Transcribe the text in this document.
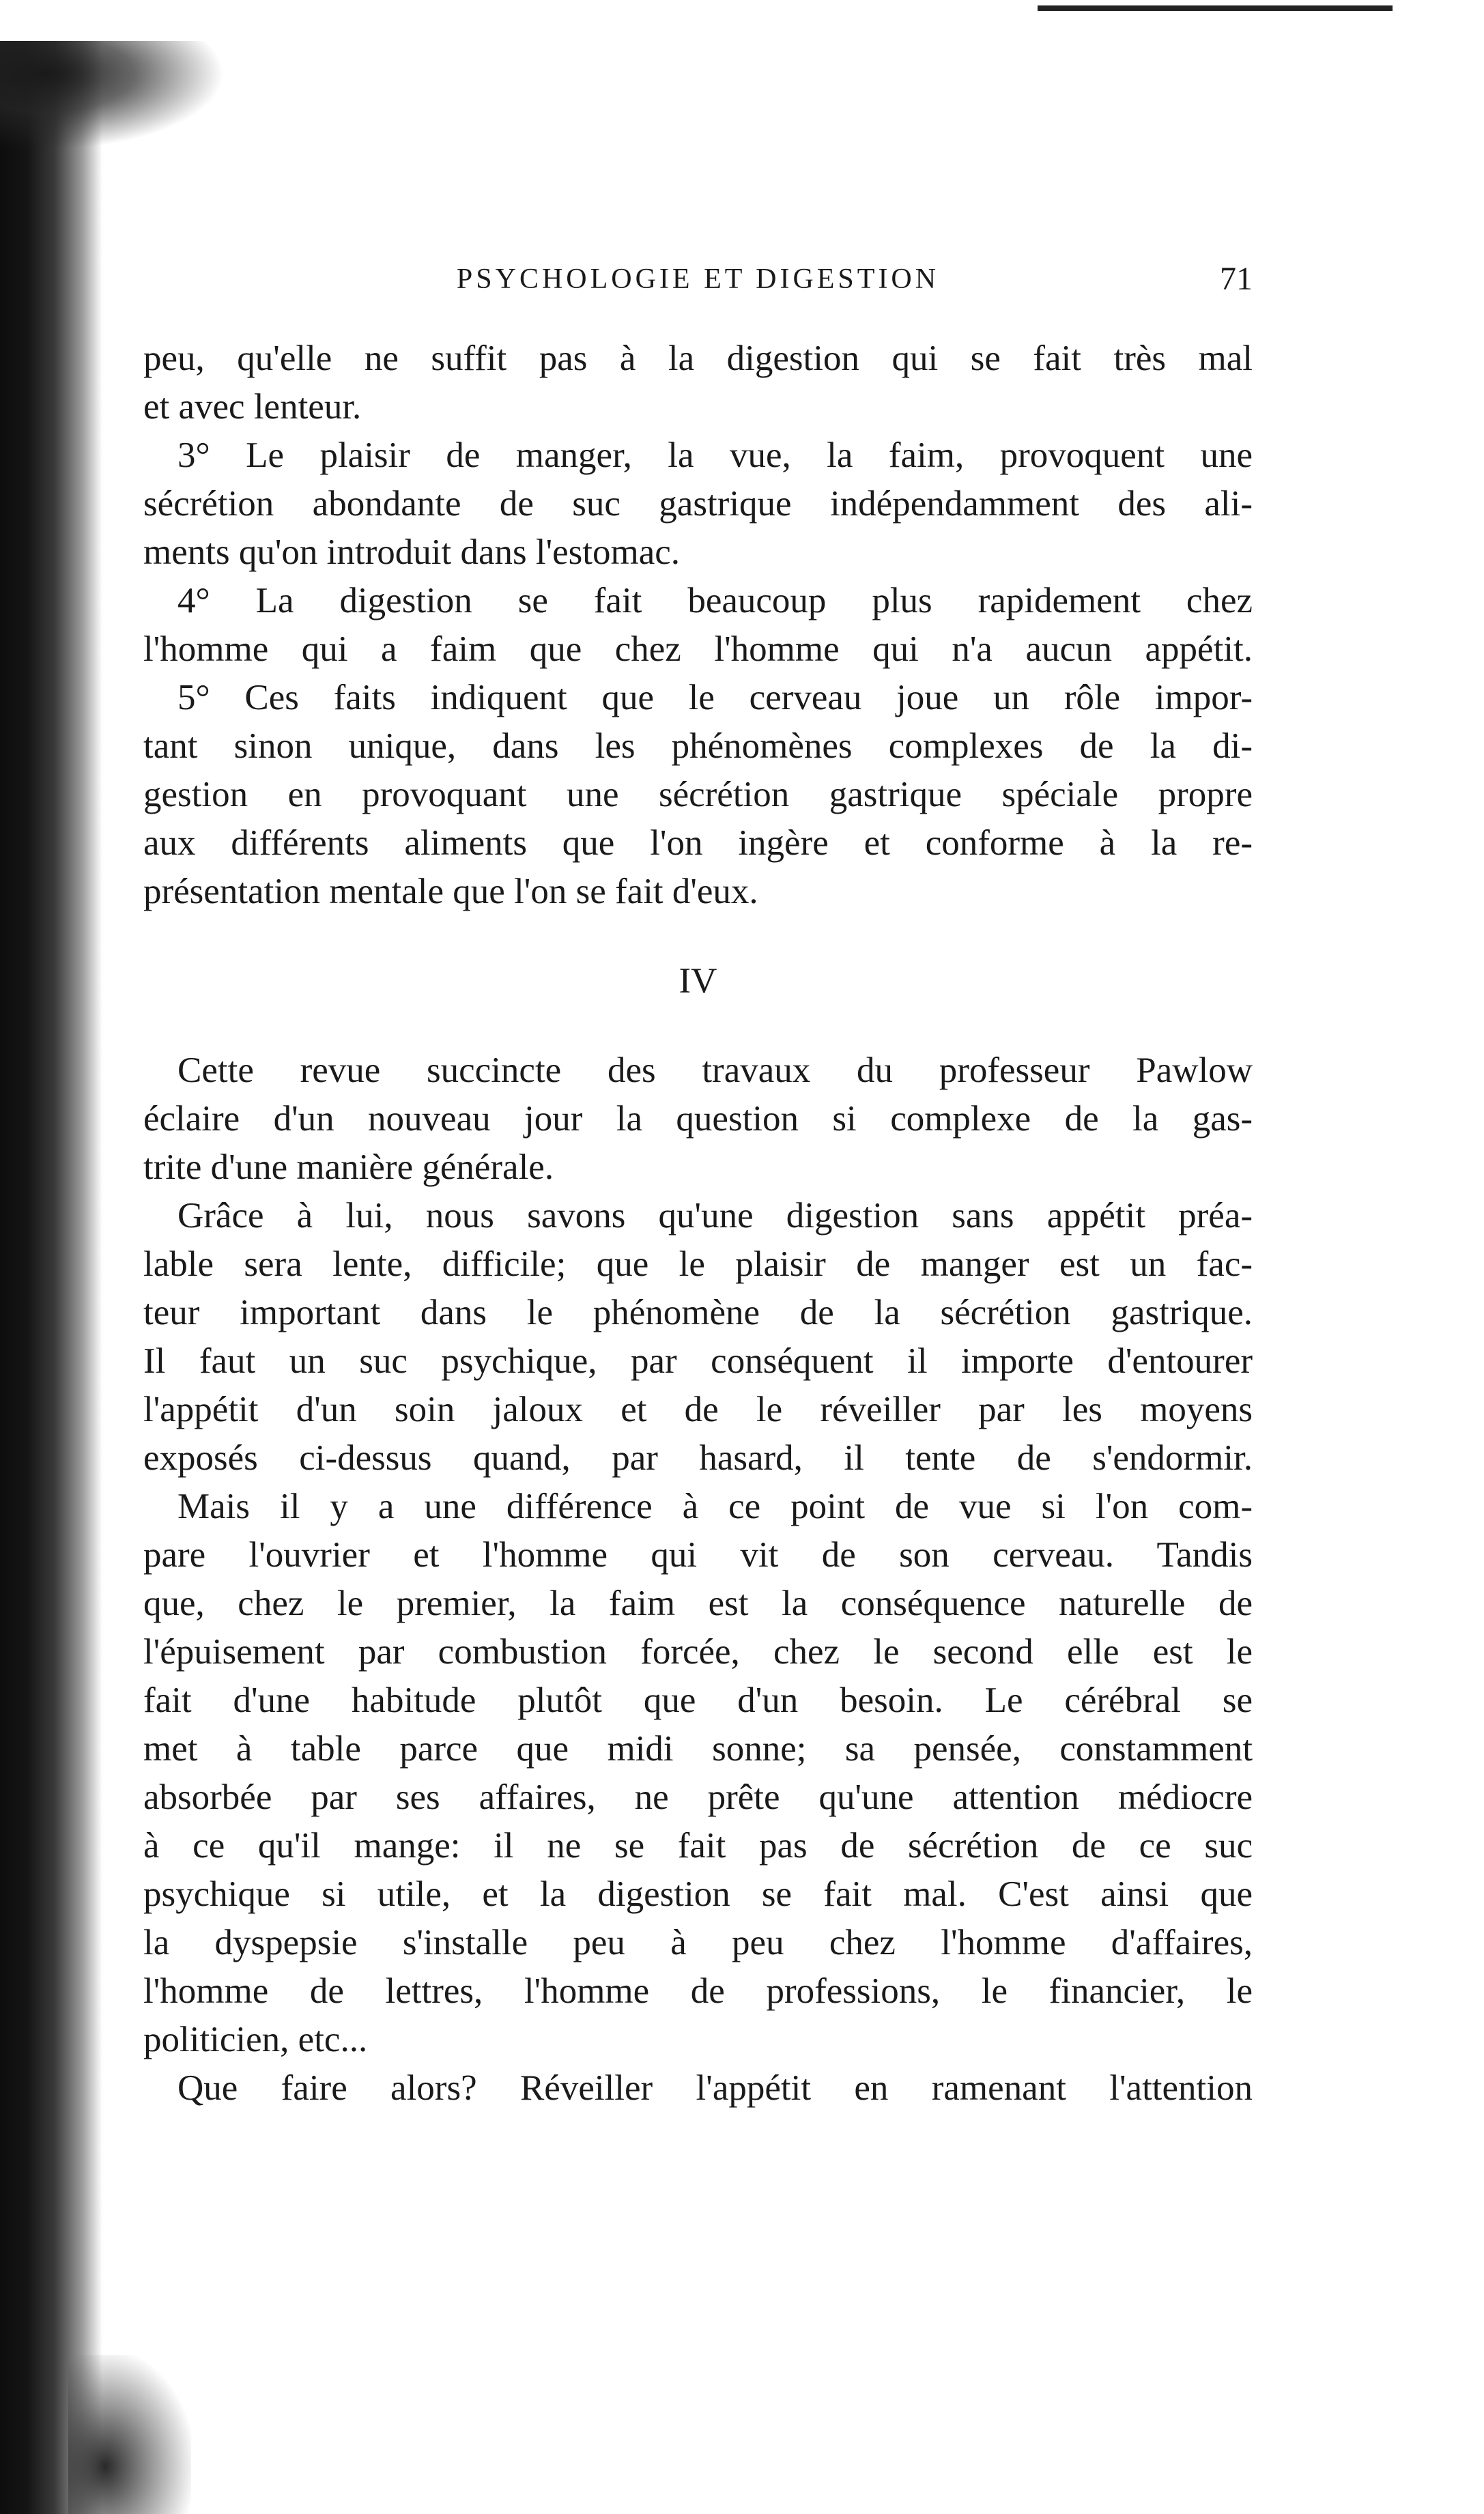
PSYCHOLOGIE ET DIGESTION	71
peu, qu'elle ne suffit pas à la digestion qui se fait très mal
et avec lenteur.
3° Le plaisir de manger, la vue, la faim, provoquent une
sécrétion abondante de suc gastrique indépendamment des ali-
ments qu'on introduit dans l'estomac.
4° La digestion se fait beaucoup plus rapidement chez
l'homme qui a faim que chez l'homme qui n'a aucun appétit.
5° Ces faits indiquent que le cerveau joue un rôle impor-
tant sinon unique, dans les phénomènes complexes de la di-
gestion en provoquant une sécrétion gastrique spéciale propre
aux différents aliments que l'on ingère et conforme à la re-
présentation mentale que l'on se fait d'eux.
IV
Cette revue succincte des travaux du professeur Pawlow
éclaire d'un nouveau jour la question si complexe de la gas-
trite d'une manière générale.
Grâce à lui, nous savons qu'une digestion sans appétit préa-
lable sera lente, difficile; que le plaisir de manger est un fac-
teur important dans le phénomène de la sécrétion gastrique.
Il faut un suc psychique, par conséquent il importe d'entourer
l'appétit d'un soin jaloux et de le réveiller par les moyens
exposés ci-dessus quand, par hasard, il tente de s'endormir.
Mais il y a une différence à ce point de vue si l'on com-
pare l'ouvrier et l'homme qui vit de son cerveau. Tandis
que, chez le premier, la faim est la conséquence naturelle de
l'épuisement par combustion forcée, chez le second elle est le
fait d'une habitude plutôt que d'un besoin. Le cérébral se
met à table parce que midi sonne; sa pensée, constamment
absorbée par ses affaires, ne prête qu'une attention médiocre
à ce qu'il mange: il ne se fait pas de sécrétion de ce suc
psychique si utile, et la digestion se fait mal. C'est ainsi que
la dyspepsie s'installe peu à peu chez l'homme d'affaires,
l'homme de lettres, l'homme de professions, le financier, le
politicien, etc...
Que faire alors? Réveiller l'appétit en ramenant l'attention
